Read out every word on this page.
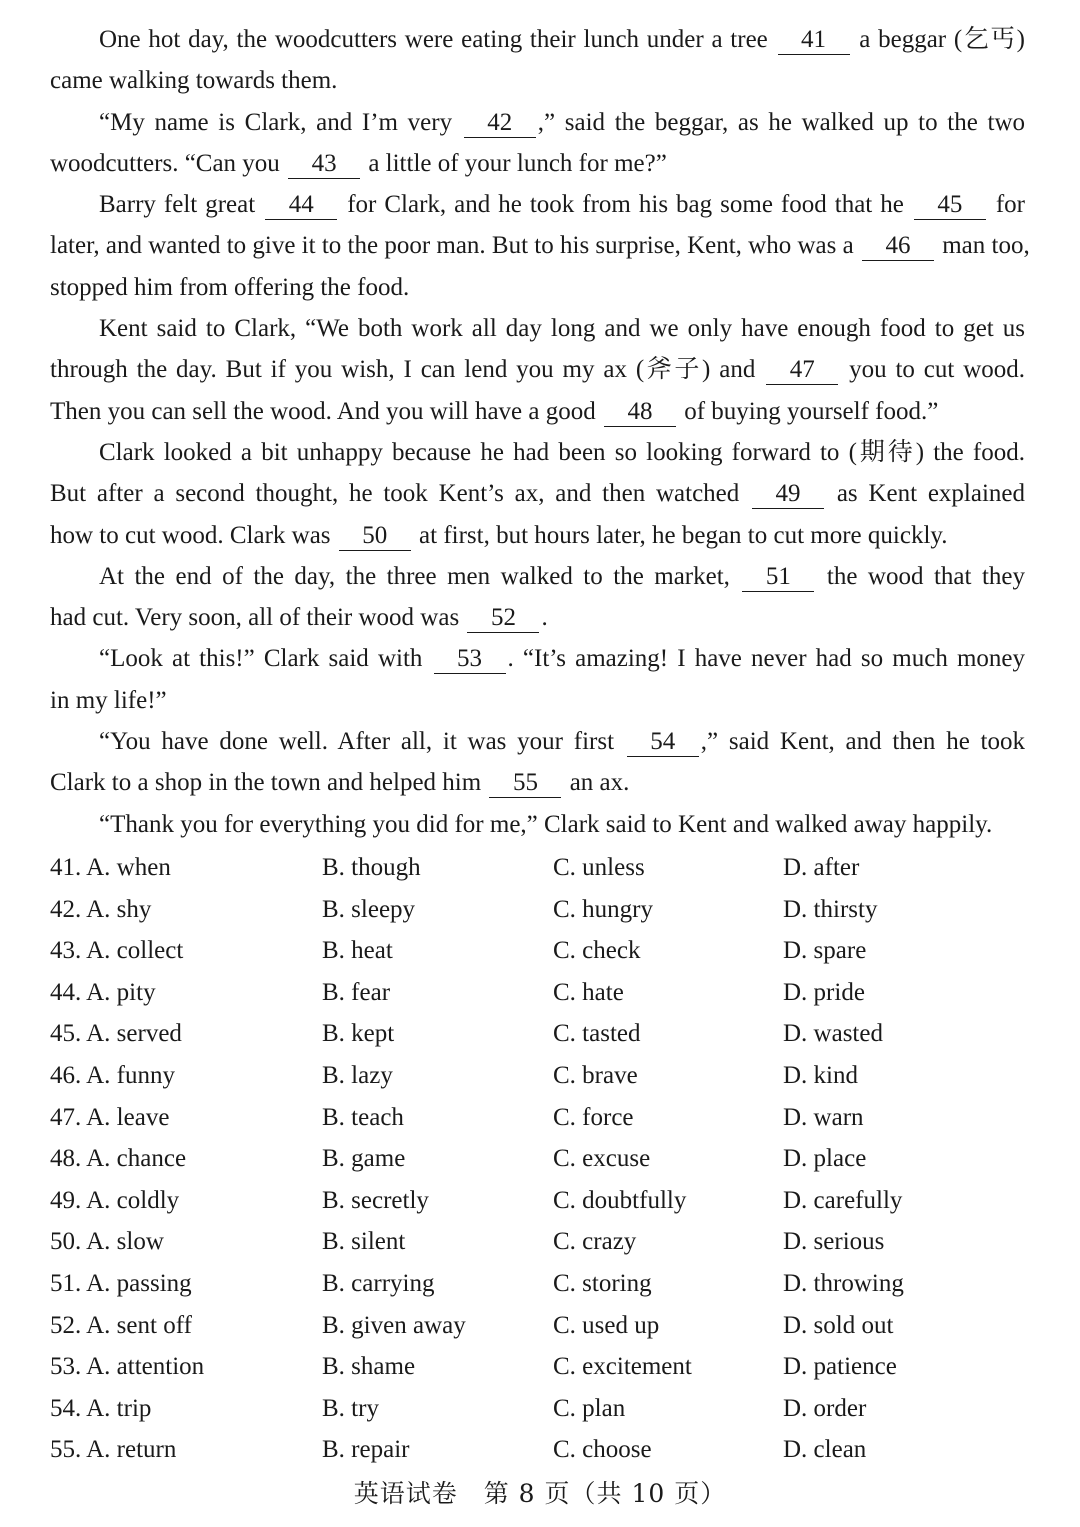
One hot day, the woodcutters were eating their lunch under a tree 41 a beggar (乞丐)
came walking towards them.
“My name is Clark, and I’m very 42 ,” said the beggar, as he walked up to the two
woodcutters. “Can you 43 a little of your lunch for me?”
Barry felt great 44 for Clark, and he took from his bag some food that he 45 for
later, and wanted to give it to the poor man. But to his surprise, Kent, who was a 46 man too,
stopped him from offering the food.
Kent said to Clark, “We both work all day long and we only have enough food to get us
through the day. But if you wish, I can lend you my ax (斧子) and 47 you to cut wood.
Then you can sell the wood. And you will have a good 48 of buying yourself food.”
Clark looked a bit unhappy because he had been so looking forward to (期待) the food.
But after a second thought, he took Kent’s ax, and then watched 49 as Kent explained
how to cut wood. Clark was 50 at first, but hours later, he began to cut more quickly.
At the end of the day, the three men walked to the market, 51 the wood that they
had cut. Very soon, all of their wood was 52 .
“Look at this!” Clark said with 53 . “It’s amazing! I have never had so much money
in my life!”
“You have done well. After all, it was your first 54 ,” said Kent, and then he took
Clark to a shop in the town and helped him 55 an ax.
“Thank you for everything you did for me,” Clark said to Kent and walked away happily.
41. A. when	B. though	C. unless	D. after
42. A. shy	B. sleepy	C. hungry	D. thirsty
43. A. collect	B. heat	C. check	D. spare
44. A. pity	B. fear	C. hate	D. pride
45. A. served	B. kept	C. tasted	D. wasted
46. A. funny	B. lazy	C. brave	D. kind
47. A. leave	B. teach	C. force	D. warn
48. A. chance	B. game	C. excuse	D. place
49. A. coldly	B. secretly	C. doubtfully	D. carefully
50. A. slow	B. silent	C. crazy	D. serious
51. A. passing	B. carrying	C. storing	D. throwing
52. A. sent off	B. given away	C. used up	D. sold out
53. A. attention	B. shame	C. excitement	D. patience
54. A. trip	B. try	C. plan	D. order
55. A. return	B. repair	C. choose	D. clean
英语试卷　第 8 页（共 10 页）
